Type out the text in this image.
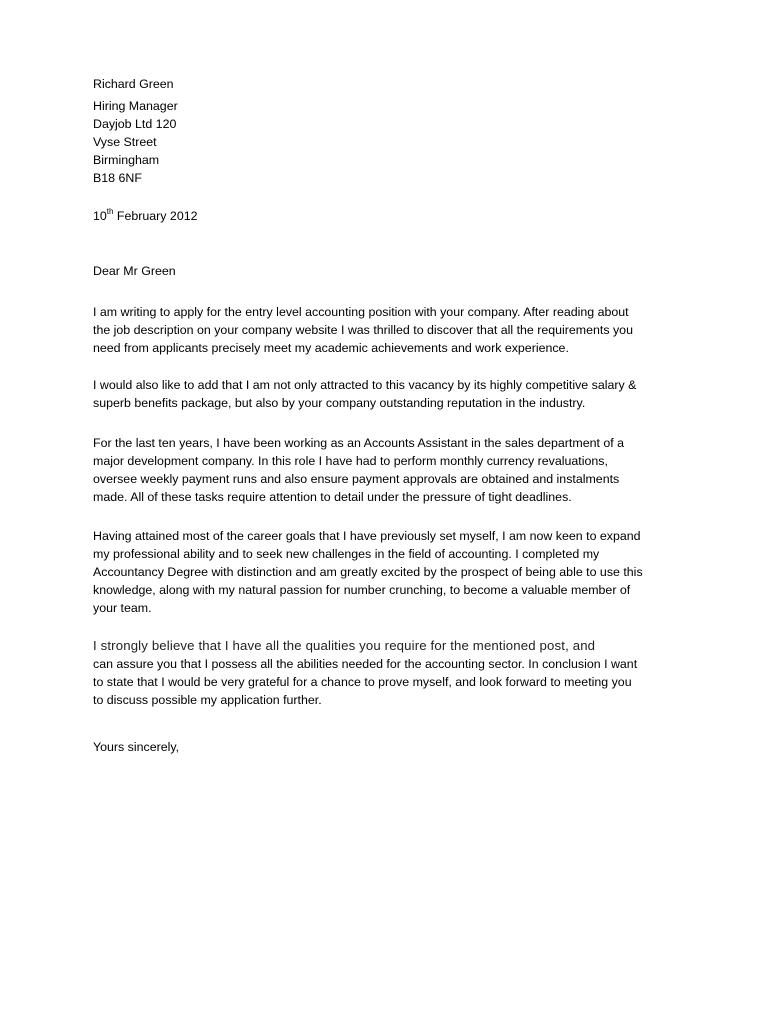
Richard Green
Hiring Manager
Dayjob Ltd 120
Vyse Street
Birmingham
B18 6NF
10th February 2012
Dear Mr Green
I am writing to apply for the entry level accounting position with your company. After reading about
the job description on your company website I was thrilled to discover that all the requirements you
need from applicants precisely meet my academic achievements and work experience.
I would also like to add that I am not only attracted to this vacancy by its highly competitive salary &
superb benefits package, but also by your company outstanding reputation in the industry.
For the last ten years, I have been working as an Accounts Assistant in the sales department of a
major development company. In this role I have had to perform monthly currency revaluations,
oversee weekly payment runs and also ensure payment approvals are obtained and instalments
made. All of these tasks require attention to detail under the pressure of tight deadlines.
Having attained most of the career goals that I have previously set myself, I am now keen to expand
my professional ability and to seek new challenges in the field of accounting. I completed my
Accountancy Degree with distinction and am greatly excited by the prospect of being able to use this
knowledge, along with my natural passion for number crunching, to become a valuable member of
your team.
I strongly believe that I have all the qualities you require for the mentioned post, and
can assure you that I possess all the abilities needed for the accounting sector. In conclusion I want
to state that I would be very grateful for a chance to prove myself, and look forward to meeting you
to discuss possible my application further.
Yours sincerely,
